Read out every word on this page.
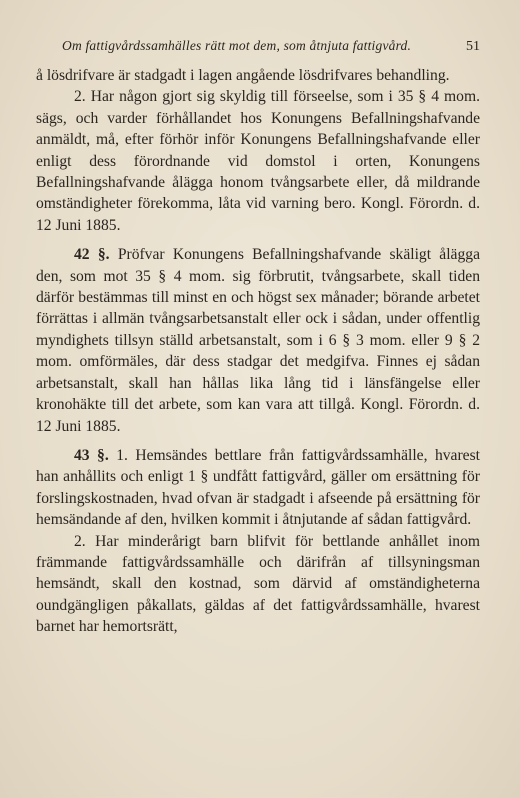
Om fattigvårdssamhälles rätt mot dem, som åtnjuta fattigvård.	51

å lösdrifvare är stadgadt i lagen angående lösdrifvares behandling.

2. Har någon gjort sig skyldig till förseelse, som i 35 § 4 mom. sägs, och varder förhållandet hos Konungens Befallningshafvande anmäldt, må, efter förhör inför Konungens Befallningshafvande eller enligt dess förordnande vid domstol i orten, Konungens Befallningshafvande ålägga honom tvångsarbete eller, då mildrande omständigheter förekomma, låta vid varning bero. Kongl. Förordn. d. 12 Juni 1885.

42 §. Pröfvar Konungens Befallningshafvande skäligt ålägga den, som mot 35 § 4 mom. sig förbrutit, tvångsarbete, skall tiden därför bestämmas till minst en och högst sex månader; börande arbetet förrättas i allmän tvångsarbetsanstalt eller ock i sådan, under offentlig myndighets tillsyn ställd arbetsanstalt, som i 6 § 3 mom. eller 9 § 2 mom. omförmäles, där dess stadgar det medgifva. Finnes ej sådan arbetsanstalt, skall han hållas lika lång tid i länsfängelse eller kronohäkte till det arbete, som kan vara att tillgå. Kongl. Förordn. d. 12 Juni 1885.

43 §. 1. Hemsändes bettlare från fattigvårdssamhälle, hvarest han anhållits och enligt 1 § undfått fattigvård, gäller om ersättning för forslingskostnaden, hvad ofvan är stadgadt i afseende på ersättning för hemsändande af den, hvilken kommit i åtnjutande af sådan fattigvård.

2. Har minderårigt barn blifvit för bettlande anhållet inom främmande fattigvårdssamhälle och därifrån af tillsyningsman hemsändt, skall den kostnad, som därvid af omständigheterna oundgängligen påkallats, gäldas af det fattigvårdssamhälle, hvarest barnet har hemortsrätt,
